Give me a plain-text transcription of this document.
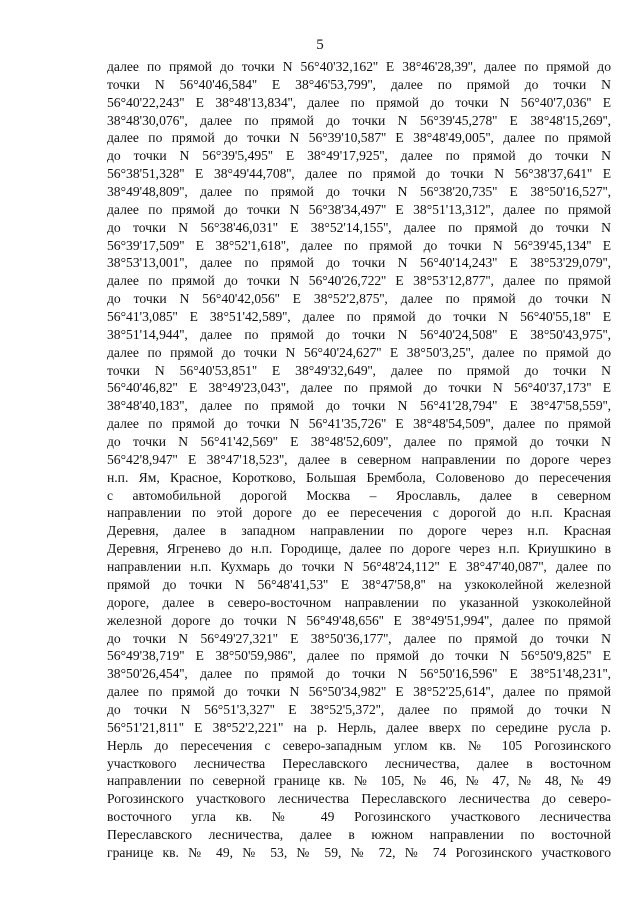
5
далее по прямой до точки N 56°40'32,162'' E 38°46'28,39'', далее по прямой до
точки N 56°40'46,584'' E 38°46'53,799'', далее по прямой до точки N
56°40'22,243'' E 38°48'13,834'', далее по прямой до точки N 56°40'7,036'' E
38°48'30,076'', далее по прямой до точки N 56°39'45,278'' E 38°48'15,269'',
далее по прямой до точки N 56°39'10,587'' E 38°48'49,005'', далее по прямой
до точки N 56°39'5,495'' E 38°49'17,925'', далее по прямой до точки N
56°38'51,328'' E 38°49'44,708'', далее по прямой до точки N 56°38'37,641'' E
38°49'48,809'', далее по прямой до точки N 56°38'20,735'' E 38°50'16,527'',
далее по прямой до точки N 56°38'34,497'' E 38°51'13,312'', далее по прямой
до точки N 56°38'46,031'' E 38°52'14,155'', далее по прямой до точки N
56°39'17,509'' E 38°52'1,618'', далее по прямой до точки N 56°39'45,134'' E
38°53'13,001'', далее по прямой до точки N 56°40'14,243'' E 38°53'29,079'',
далее по прямой до точки N 56°40'26,722'' E 38°53'12,877'', далее по прямой
до точки N 56°40'42,056'' E 38°52'2,875'', далее по прямой до точки N
56°41'3,085'' E 38°51'42,589'', далее по прямой до точки N 56°40'55,18'' E
38°51'14,944'', далее по прямой до точки N 56°40'24,508'' E 38°50'43,975'',
далее по прямой до точки N 56°40'24,627'' E 38°50'3,25'', далее по прямой до
точки N 56°40'53,851'' E 38°49'32,649'', далее по прямой до точки N
56°40'46,82'' E 38°49'23,043'', далее по прямой до точки N 56°40'37,173'' E
38°48'40,183'', далее по прямой до точки N 56°41'28,794'' E 38°47'58,559'',
далее по прямой до точки N 56°41'35,726'' E 38°48'54,509'', далее по прямой
до точки N 56°41'42,569'' E 38°48'52,609'', далее по прямой до точки N
56°42'8,947'' E 38°47'18,523'', далее в северном направлении по дороге через
н.п. Ям, Красное, Коротково, Большая Брембола, Соловеново до пересечения
с автомобильной дорогой Москва – Ярославль, далее в северном
направлении по этой дороге до ее пересечения с дорогой до н.п. Красная
Деревня, далее в западном направлении по дороге через н.п. Красная
Деревня, Ягренево до н.п. Городище, далее по дороге через н.п. Криушкино в
направлении н.п. Кухмарь до точки N 56°48'24,112'' E 38°47'40,087'', далее по
прямой до точки N 56°48'41,53'' E 38°47'58,8'' на узкоколейной железной
дороге, далее в северо-восточном направлении по указанной узкоколейной
железной дороге до точки N 56°49'48,656'' E 38°49'51,994'', далее по прямой
до точки N 56°49'27,321'' E 38°50'36,177'', далее по прямой до точки N
56°49'38,719'' E 38°50'59,986'', далее по прямой до точки N 56°50'9,825'' E
38°50'26,454'', далее по прямой до точки N 56°50'16,596'' E 38°51'48,231'',
далее по прямой до точки N 56°50'34,982'' E 38°52'25,614'', далее по прямой
до точки N 56°51'3,327'' E 38°52'5,372'', далее по прямой до точки N
56°51'21,811'' E 38°52'2,221'' на р. Нерль, далее вверх по середине русла р.
Нерль до пересечения с северо-западным углом кв. № 105 Рогозинского
участкового лесничества Переславского лесничества, далее в восточном
направлении по северной границе кв. № 105, № 46, № 47, № 48, № 49
Рогозинского участкового лесничества Переславского лесничества до северо-
восточного угла кв. № 49 Рогозинского участкового лесничества
Переславского лесничества, далее в южном направлении по восточной
границе кв. № 49, № 53, № 59, № 72, № 74 Рогозинского участкового
